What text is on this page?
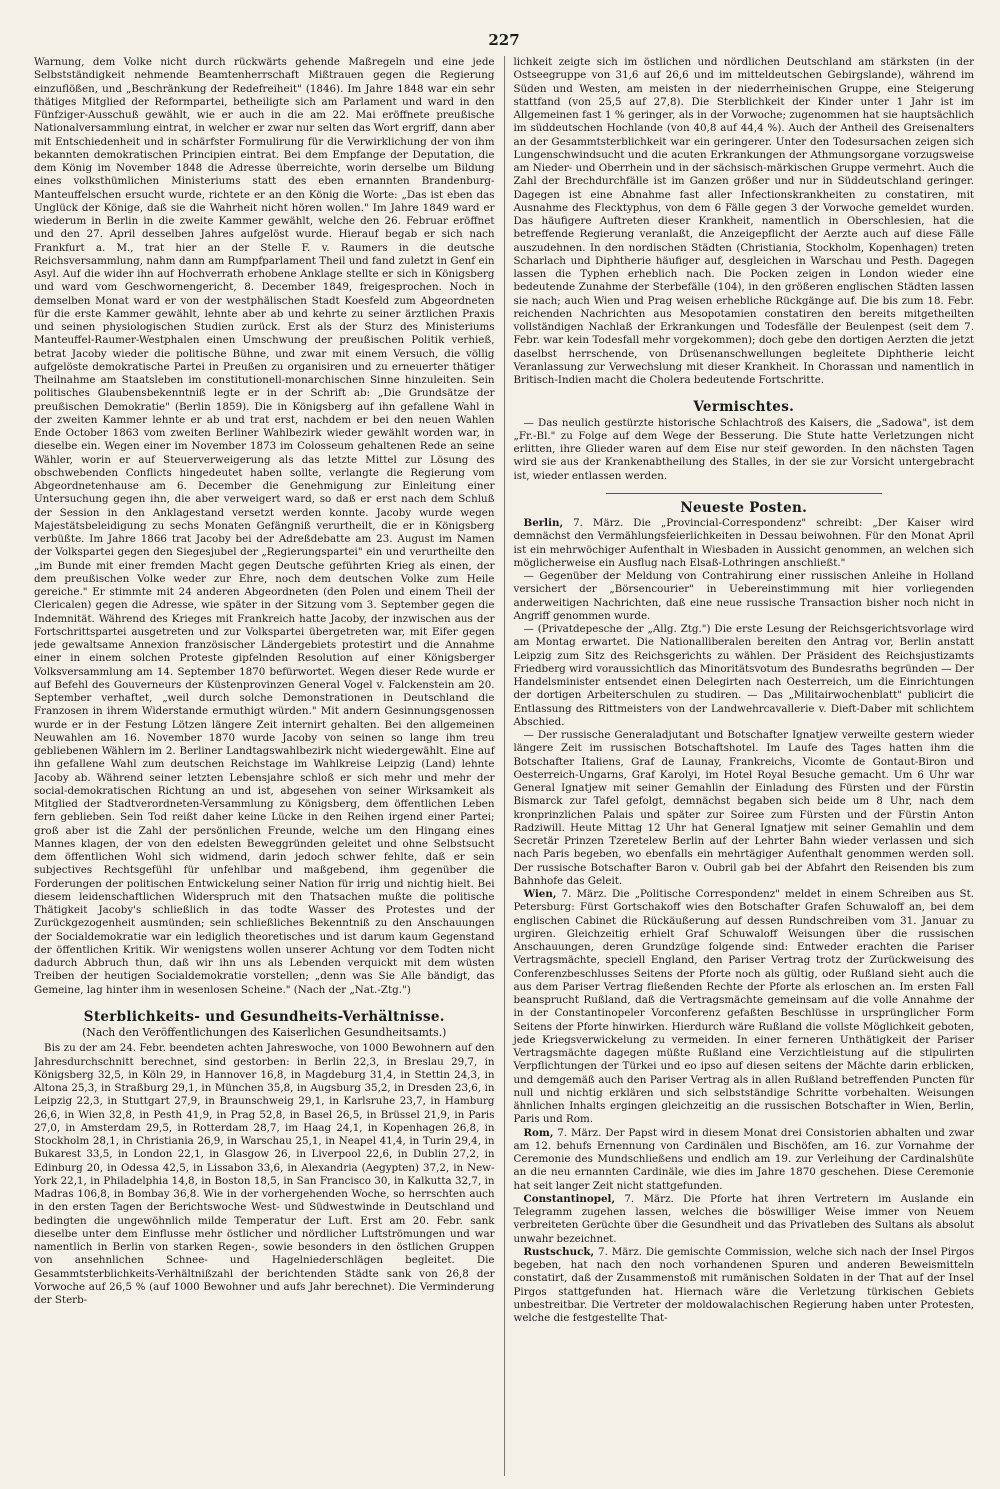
227

Warnung, dem Volke nicht durch rückwärts gehende Maßregeln und eine jede Selbstständigkeit nehmende Beamtenherrschaft Mißtrauen gegen die Regierung einzuflößen, und „Beschränkung der Redefreiheit" (1846). Im Jahre 1848 war ein sehr thätiges Mitglied der Reformpartei, betheiligte sich am Parlament und ward in den Fünfziger-Ausschuß gewählt, wie er auch in die am 22. Mai eröffnete preußische Nationalversammlung eintrat, in welcher er zwar nur selten das Wort ergriff, dann aber mit Entschiedenheit und in schärfster Formulirung für die Verwirklichung der von ihm bekannten demokratischen Principien eintrat. Bei dem Empfange der Deputation, die dem König im November 1848 die Adresse überreichte, worin derselbe um Bildung eines volksthümlichen Ministeriums statt des eben ernannten Brandenburg-Manteuffelschen ersucht wurde, richtete er an den König die Worte: „Das ist eben das Unglück der Könige, daß sie die Wahrheit nicht hören wollen." Im Jahre 1849 ward er wiederum in Berlin in die zweite Kammer gewählt, welche den 26. Februar eröffnet und den 27. April desselben Jahres aufgelöst wurde. Hierauf begab er sich nach Frankfurt a. M., trat hier an der Stelle F. v. Raumers in die deutsche Reichsversammlung, nahm dann am Rumpfparlament Theil und fand zuletzt in Genf ein Asyl. Auf die wider ihn auf Hochverrath erhobene Anklage stellte er sich in Königsberg und ward vom Geschwornengericht, 8. December 1849, freigesprochen. Noch in demselben Monat ward er von der westphälischen Stadt Koesfeld zum Abgeordneten für die erste Kammer gewählt, lehnte aber ab und kehrte zu seiner ärztlichen Praxis und seinen physiologischen Studien zurück. Erst als der Sturz des Ministeriums Manteuffel-Raumer-Westphalen einen Umschwung der preußischen Politik verhieß, betrat Jacoby wieder die politische Bühne, und zwar mit einem Versuch, die völlig aufgelöste demokratische Partei in Preußen zu organisiren und zu erneuerter thätiger Theilnahme am Staatsleben im constitutionell-monarchischen Sinne hinzuleiten. Sein politisches Glaubensbekenntniß legte er in der Schrift ab: „Die Grundsätze der preußischen Demokratie" (Berlin 1859). Die in Königsberg auf ihn gefallene Wahl in der zweiten Kammer lehnte er ab und trat erst, nachdem er bei den neuen Wahlen Ende October 1863 vom zweiten Berliner Wahlbezirk wieder gewählt worden war, in dieselbe ein. Wegen einer im November 1873 im Colosseum gehaltenen Rede an seine Wähler, worin er auf Steuerverweigerung als das letzte Mittel zur Lösung des obschwebenden Conflicts hingedeutet haben sollte, verlangte die Regierung vom Abgeordnetenhause am 6. December die Genehmigung zur Einleitung einer Untersuchung gegen ihn, die aber verweigert ward, so daß er erst nach dem Schluß der Session in den Anklagestand versetzt werden konnte. Jacoby wurde wegen Majestätsbeleidigung zu sechs Monaten Gefängniß verurtheilt, die er in Königsberg verbüßte. Im Jahre 1866 trat Jacoby bei der Adreßdebatte am 23. August im Namen der Volkspartei gegen den Siegesjubel der „Regierungspartei" ein und verurtheilte den „im Bunde mit einer fremden Macht gegen Deutsche geführten Krieg als einen, der dem preußischen Volke weder zur Ehre, noch dem deutschen Volke zum Heile gereiche." Er stimmte mit 24 anderen Abgeordneten (den Polen und einem Theil der Clericalen) gegen die Adresse, wie später in der Sitzung vom 3. September gegen die Indemnität. Während des Krieges mit Frankreich hatte Jacoby, der inzwischen aus der Fortschrittspartei ausgetreten und zur Volkspartei übergetreten war, mit Eifer gegen jede gewaltsame Annexion französischer Ländergebiets protestirt und die Annahme einer in einem solchen Proteste gipfelnden Resolution auf einer Königsberger Volksversammlung am 14. September 1870 befürwortet. Wegen dieser Rede wurde er auf Befehl des Gouverneurs der Küstenprovinzen General Vogel v. Falckenstein am 20. September verhaftet, „weil durch solche Demonstrationen in Deutschland die Franzosen in ihrem Widerstande ermuthigt würden." Mit andern Gesinnungsgenossen wurde er in der Festung Lötzen längere Zeit internirt gehalten. Bei den allgemeinen Neuwahlen am 16. November 1870 wurde Jacoby von seinen so lange ihm treu gebliebenen Wählern im 2. Berliner Landtagswahlbezirk nicht wiedergewählt. Eine auf ihn gefallene Wahl zum deutschen Reichstage im Wahlkreise Leipzig (Land) lehnte Jacoby ab. Während seiner letzten Lebensjahre schloß er sich mehr und mehr der social-demokratischen Richtung an und ist, abgesehen von seiner Wirksamkeit als Mitglied der Stadtverordneten-Versammlung zu Königsberg, dem öffentlichen Leben fern geblieben. Sein Tod reißt daher keine Lücke in den Reihen irgend einer Partei; groß aber ist die Zahl der persönlichen Freunde, welche um den Hingang eines Mannes klagen, der von den edelsten Beweggründen geleitet und ohne Selbstsucht dem öffentlichen Wohl sich widmend, darin jedoch schwer fehlte, daß er sein subjectives Rechtsgefühl für unfehlbar und maßgebend, ihm gegenüber die Forderungen der politischen Entwickelung seiner Nation für irrig und nichtig hielt. Bei diesem leidenschaftlichen Widerspruch mit den Thatsachen mußte die politische Thätigkeit Jacoby's schließlich in das todte Wasser des Protestes und der Zurückgezogenheit ausmünden; sein schließliches Bekenntniß zu den Anschauungen der Socialdemokratie war ein lediglich theoretisches und ist darum kaum Gegenstand der öffentlichen Kritik. Wir wenigstens wollen unserer Achtung vor dem Todten nicht dadurch Abbruch thun, daß wir ihn uns als Lebenden verquickt mit dem wüsten Treiben der heutigen Socialdemokratie vorstellen; „denn was Sie Alle bändigt, das Gemeine, lag hinter ihm in wesenlosen Scheine." (Nach der „Nat.-Ztg.")

Sterblichkeits- und Gesundheits-Verhältnisse.
(Nach den Veröffentlichungen des Kaiserlichen Gesundheitsamts.)

Bis zu der am 24. Febr. beendeten achten Jahreswoche, von 1000 Bewohnern auf den Jahresdurchschnitt berechnet, sind gestorben: in Berlin 22,3, in Breslau 29,7, in Königsberg 32,5, in Köln 29, in Hannover 16,8, in Magdeburg 31,4, in Stettin 24,3, in Altona 25,3, in Straßburg 29,1, in München 35,8, in Augsburg 35,2, in Dresden 23,6, in Leipzig 22,3, in Stuttgart 27,9, in Braunschweig 29,1, in Karlsruhe 23,7, in Hamburg 26,6, in Wien 32,8, in Pesth 41,9, in Prag 52,8, in Basel 26,5, in Brüssel 21,9, in Paris 27,0, in Amsterdam 29,5, in Rotterdam 28,7, im Haag 24,1, in Kopenhagen 26,8, in Stockholm 28,1, in Christiania 26,9, in Warschau 25,1, in Neapel 41,4, in Turin 29,4, in Bukarest 33,5, in London 22,1, in Glasgow 26, in Liverpool 22,6, in Dublin 27,2, in Edinburg 20, in Odessa 42,5, in Lissabon 33,6, in Alexandria (Aegypten) 37,2, in New-York 22,1, in Philadelphia 14,8, in Boston 18,5, in San Francisco 30, in Kalkutta 32,7, in Madras 106,8, in Bombay 36,8. Wie in der vorhergehenden Woche, so herrschten auch in den ersten Tagen der Berichtswoche West- und Südwestwinde in Deutschland und bedingten die ungewöhnlich milde Temperatur der Luft. Erst am 20. Febr. sank dieselbe unter dem Einflusse mehr östlicher und nördlicher Luftströmungen und war namentlich in Berlin von starken Regen-, sowie besonders in den östlichen Gruppen von ansehnlichen Schnee- und Hagelniederschlägen begleitet. Die Gesammtsterblichkeits-Verhältnißzahl der berichtenden Städte sank von 26,8 der Vorwoche auf 26,5 % (auf 1000 Bewohner und aufs Jahr berechnet). Die Verminderung der Sterb-

lichkeit zeigte sich im östlichen und nördlichen Deutschland am stärksten (in der Ostseegruppe von 31,6 auf 26,6 und im mitteldeutschen Gebirgslande), während im Süden und Westen, am meisten in der niederrheinischen Gruppe, eine Steigerung stattfand (von 25,5 auf 27,8). Die Sterblichkeit der Kinder unter 1 Jahr ist im Allgemeinen fast 1 % geringer, als in der Vorwoche; zugenommen hat sie hauptsächlich im süddeutschen Hochlande (von 40,8 auf 44,4 %). Auch der Antheil des Greisenalters an der Gesammtsterblichkeit war ein geringerer. Unter den Todesursachen zeigen sich Lungenschwindsucht und die acuten Erkrankungen der Athmungsorgane vorzugsweise am Nieder- und Oberrhein und in der sächsisch-märkischen Gruppe vermehrt. Auch die Zahl der Brechdurchfälle ist im Ganzen größer und nur in Süddeutschland geringer. Dagegen ist eine Abnahme fast aller Infectionskrankheiten zu constatiren, mit Ausnahme des Flecktyphus, von dem 6 Fälle gegen 3 der Vorwoche gemeldet wurden. Das häufigere Auftreten dieser Krankheit, namentlich in Oberschlesien, hat die betreffende Regierung veranlaßt, die Anzeigepflicht der Aerzte auch auf diese Fälle auszudehnen. In den nordischen Städten (Christiania, Stockholm, Kopenhagen) treten Scharlach und Diphtherie häufiger auf, desgleichen in Warschau und Pesth. Dagegen lassen die Typhen erheblich nach. Die Pocken zeigen in London wieder eine bedeutende Zunahme der Sterbefälle (104), in den größeren englischen Städten lassen sie nach; auch Wien und Prag weisen erhebliche Rückgänge auf. Die bis zum 18. Febr. reichenden Nachrichten aus Mesopotamien constatiren den bereits mitgetheilten vollständigen Nachlaß der Erkrankungen und Todesfälle der Beulenpest (seit dem 7. Febr. war kein Todesfall mehr vorgekommen); doch gebe den dortigen Aerzten die jetzt daselbst herrschende, von Drüsenanschwellungen begleitete Diphtherie leicht Veranlassung zur Verwechslung mit dieser Krankheit. In Chorassan und namentlich in Britisch-Indien macht die Cholera bedeutende Fortschritte.

Vermischtes.

— Das neulich gestürzte historische Schlachtroß des Kaisers, die „Sadowa", ist dem „Fr.-Bl." zu Folge auf dem Wege der Besserung. Die Stute hatte Verletzungen nicht erlitten, ihre Glieder waren auf dem Eise nur steif geworden. In den nächsten Tagen wird sie aus der Krankenabtheilung des Stalles, in der sie zur Vorsicht untergebracht ist, wieder entlassen werden.

Neueste Posten.

Berlin, 7. März. Die „Provincial-Correspondenz" schreibt: „Der Kaiser wird demnächst den Vermählungsfeierlichkeiten in Dessau beiwohnen. Für den Monat April ist ein mehrwöchiger Aufenthalt in Wiesbaden in Aussicht genommen, an welchen sich möglicherweise ein Ausflug nach Elsaß-Lothringen anschließt."

— Gegenüber der Meldung von Contrahirung einer russischen Anleihe in Holland versichert der „Börsencourier" in Uebereinstimmung mit hier vorliegenden anderweitigen Nachrichten, daß eine neue russische Transaction bisher noch nicht in Angriff genommen wurde.

— (Privatdepesche der „Allg. Ztg.") Die erste Lesung der Reichsgerichtsvorlage wird am Montag erwartet. Die Nationalliberalen bereiten den Antrag vor, Berlin anstatt Leipzig zum Sitz des Reichsgerichts zu wählen. Der Präsident des Reichsjustizamts Friedberg wird voraussichtlich das Minoritätsvotum des Bundesraths begründen — Der Handelsminister entsendet einen Delegirten nach Oesterreich, um die Einrichtungen der dortigen Arbeiterschulen zu studiren. — Das „Militairwochenblatt" publicirt die Entlassung des Rittmeisters von der Landwehrcavallerie v. Dieft-Daber mit schlichtem Abschied.

— Der russische Generaladjutant und Botschafter Ignatjew verweilte gestern wieder längere Zeit im russischen Botschaftshotel. Im Laufe des Tages hatten ihm die Botschafter Italiens, Graf de Launay, Frankreichs, Vicomte de Gontaut-Biron und Oesterreich-Ungarns, Graf Karolyi, im Hotel Royal Besuche gemacht. Um 6 Uhr war General Ignatjew mit seiner Gemahlin der Einladung des Fürsten und der Fürstin Bismarck zur Tafel gefolgt, demnächst begaben sich beide um 8 Uhr, nach dem kronprinzlichen Palais und später zur Soiree zum Fürsten und der Fürstin Anton Radziwill. Heute Mittag 12 Uhr hat General Ignatjew mit seiner Gemahlin und dem Secretär Prinzen Tzeretelew Berlin auf der Lehrter Bahn wieder verlassen und sich nach Paris begeben, wo ebenfalls ein mehrtägiger Aufenthalt genommen werden soll. Der russische Botschafter Baron v. Oubril gab bei der Abfahrt den Reisenden bis zum Bahnhofe das Geleit.

Wien, 7. März. Die „Politische Correspondenz" meldet in einem Schreiben aus St. Petersburg: Fürst Gortschakoff wies den Botschafter Grafen Schuwaloff an, bei dem englischen Cabinet die Rückäußerung auf dessen Rundschreiben vom 31. Januar zu urgiren. Gleichzeitig erhielt Graf Schuwaloff Weisungen über die russischen Anschauungen, deren Grundzüge folgende sind: Entweder erachten die Pariser Vertragsmächte, speciell England, den Pariser Vertrag trotz der Zurückweisung des Conferenzbeschlusses Seitens der Pforte noch als gültig, oder Rußland sieht auch die aus dem Pariser Vertrag fließenden Rechte der Pforte als erloschen an. Im ersten Fall beansprucht Rußland, daß die Vertragsmächte gemeinsam auf die volle Annahme der in der Constantinopeler Vorconferenz gefaßten Beschlüsse in ursprünglicher Form Seitens der Pforte hinwirken. Hierdurch wäre Rußland die vollste Möglichkeit geboten, jede Kriegsverwickelung zu vermeiden. In einer ferneren Unthätigkeit der Pariser Vertragsmächte dagegen müßte Rußland eine Verzichtleistung auf die stipulirten Verpflichtungen der Türkei und eo ipso auf diesen seitens der Mächte darin erblicken, und demgemäß auch den Pariser Vertrag als in allen Rußland betreffenden Puncten für null und nichtig erklären und sich selbstständige Schritte vorbehalten. Weisungen ähnlichen Inhalts ergingen gleichzeitig an die russischen Botschafter in Wien, Berlin, Paris und Rom.

Rom, 7. März. Der Papst wird in diesem Monat drei Consistorien abhalten und zwar am 12. behufs Ernennung von Cardinälen und Bischöfen, am 16. zur Vornahme der Ceremonie des Mundschließens und endlich am 19. zur Verleihung der Cardinalshüte an die neu ernannten Cardinäle, wie dies im Jahre 1870 geschehen. Diese Ceremonie hat seit langer Zeit nicht stattgefunden.

Constantinopel, 7. März. Die Pforte hat ihren Vertretern im Auslande ein Telegramm zugehen lassen, welches die böswilliger Weise immer von Neuem verbreiteten Gerüchte über die Gesundheit und das Privatleben des Sultans als absolut unwahr bezeichnet.

Rustschuck, 7. März. Die gemischte Commission, welche sich nach der Insel Pirgos begeben, hat nach den noch vorhandenen Spuren und anderen Beweismitteln constatirt, daß der Zusammenstoß mit rumänischen Soldaten in der That auf der Insel Pirgos stattgefunden hat. Hiernach wäre die Verletzung türkischen Gebiets unbestreitbar. Die Vertreter der moldowalachischen Regierung haben unter Protesten, welche die festgestellte That-
